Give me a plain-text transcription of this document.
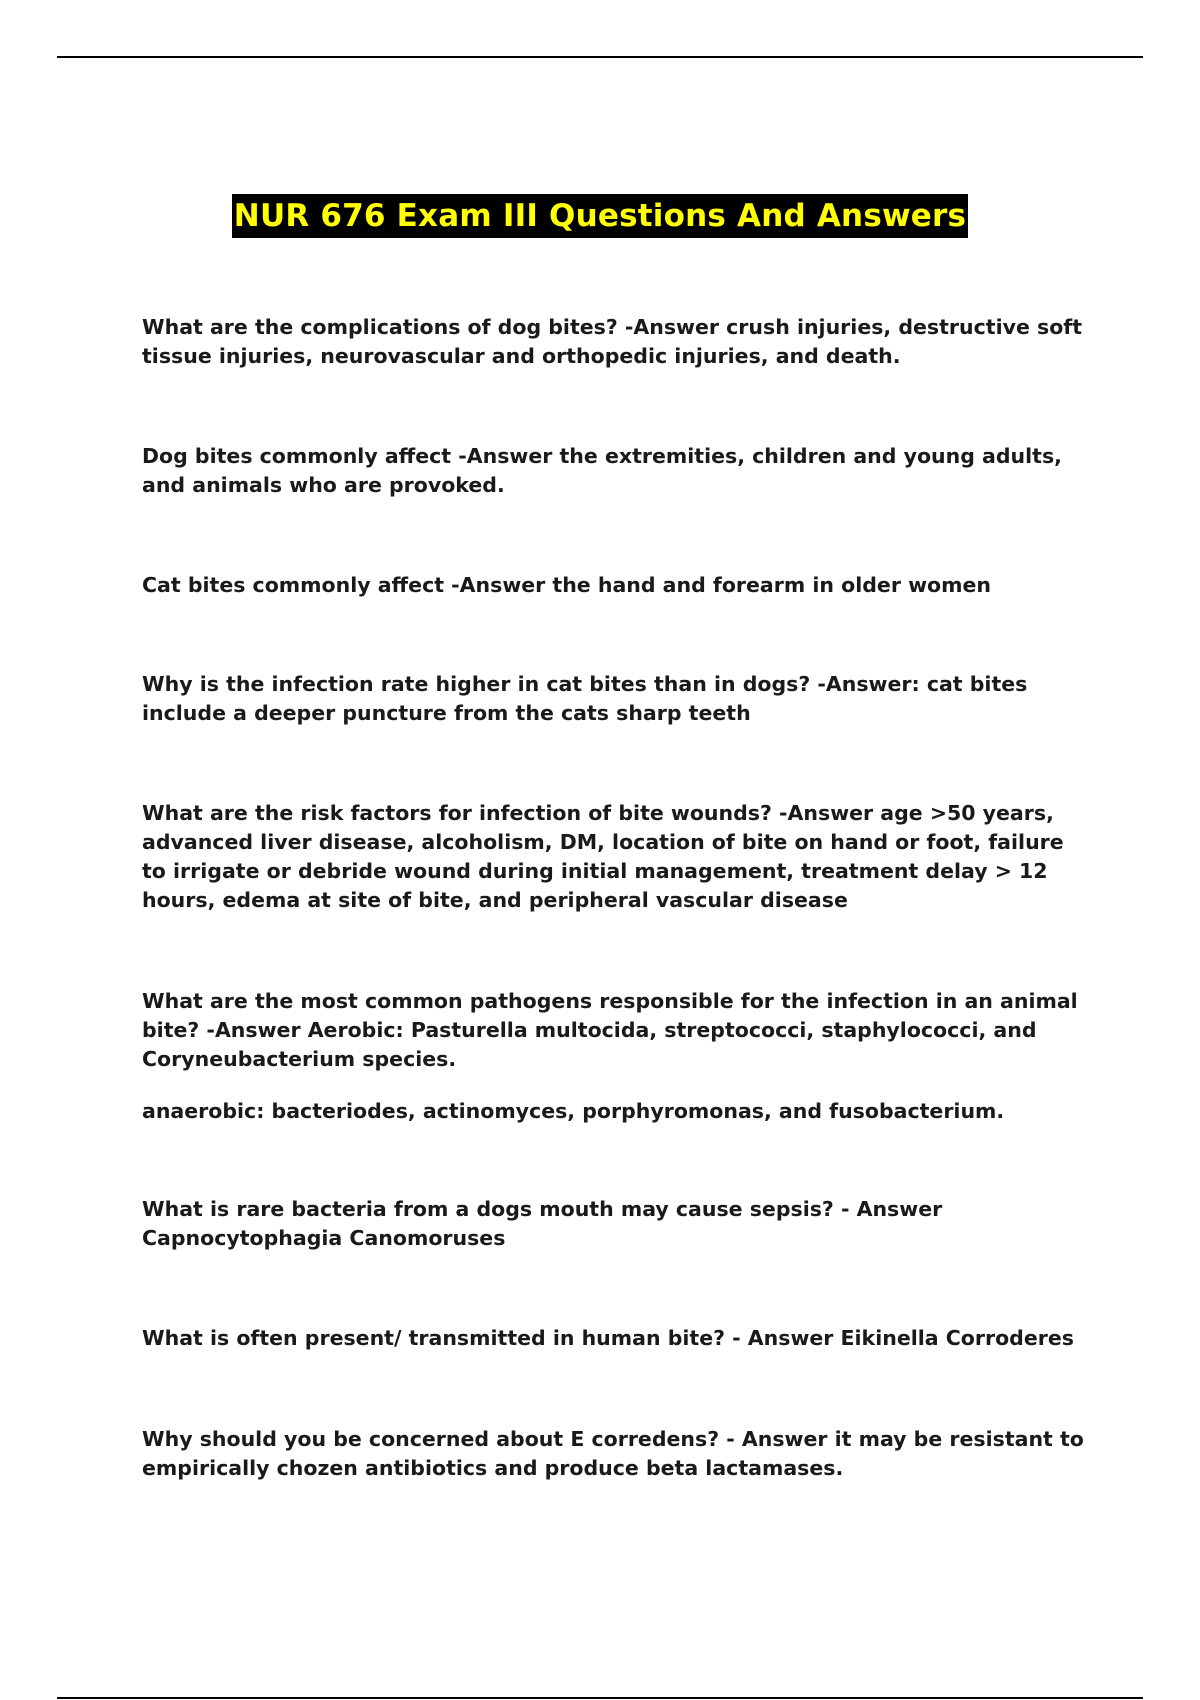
NUR 676 Exam III Questions And Answers

What are the complications of dog bites? -Answer crush injuries, destructive soft tissue injuries, neurovascular and orthopedic injuries, and death.

Dog bites commonly affect -Answer the extremities, children and young adults, and animals who are provoked.

Cat bites commonly affect -Answer the hand and forearm in older women

Why is the infection rate higher in cat bites than in dogs? -Answer: cat bites include a deeper puncture from the cats sharp teeth

What are the risk factors for infection of bite wounds? -Answer age >50 years, advanced liver disease, alcoholism, DM, location of bite on hand or foot, failure to irrigate or debride wound during initial management, treatment delay > 12 hours, edema at site of bite, and peripheral vascular disease

What are the most common pathogens responsible for the infection in an animal bite? -Answer Aerobic: Pasturella multocida, streptococci, staphylococci, and Coryneubacterium species.

anaerobic: bacteriodes, actinomyces, porphyromonas, and fusobacterium.

What is rare bacteria from a dogs mouth may cause sepsis? - Answer Capnocytophagia Canomoruses

What is often present/ transmitted in human bite? - Answer Eikinella Corroderes

Why should you be concerned about E corredens? - Answer it may be resistant to empirically chozen antibiotics and produce beta lactamases.
